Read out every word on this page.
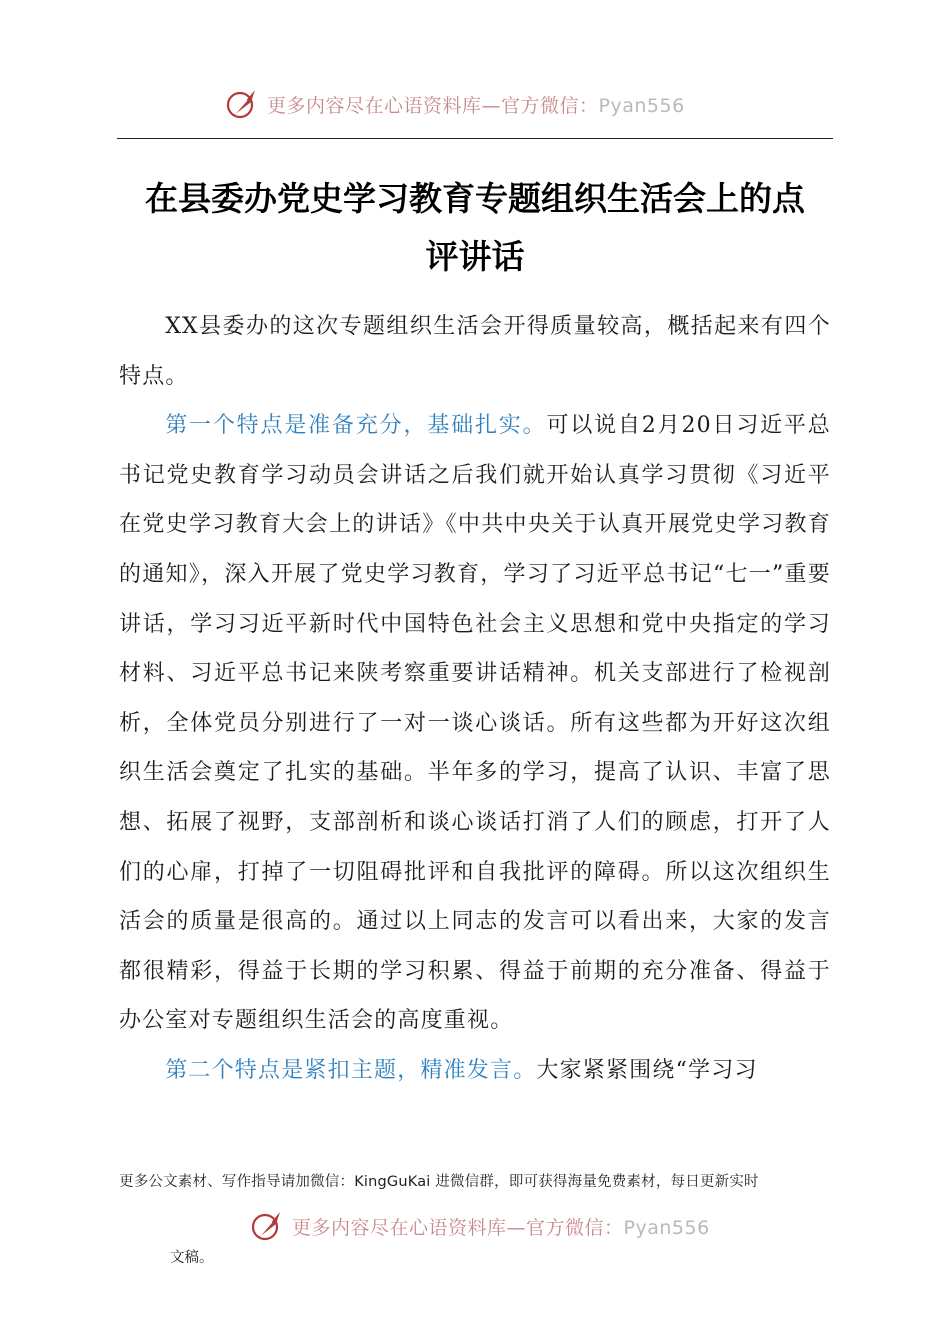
更多内容尽在心语资料库—官方微信：Pyan556
在县委办党史学习教育专题组织生活会上的点
评讲话

XX县委办的这次专题组织生活会开得质量较高，概括起来有四个特点。

第一个特点是准备充分，基础扎实。可以说自2月20日习近平总书记党史教育学习动员会讲话之后我们就开始认真学习贯彻《习近平在党史学习教育大会上的讲话》《中共中央关于认真开展党史学习教育的通知》，深入开展了党史学习教育，学习了习近平总书记“七一”重要讲话，学习习近平新时代中国特色社会主义思想和党中央指定的学习材料、习近平总书记来陕考察重要讲话精神。机关支部进行了检视剖析，全体党员分别进行了一对一谈心谈话。所有这些都为开好这次组织生活会奠定了扎实的基础。半年多的学习，提高了认识、丰富了思想、拓展了视野，支部剖析和谈心谈话打消了人们的顾虑，打开了人们的心扉，打掉了一切阻碍批评和自我批评的障碍。所以这次组织生活会的质量是很高的。通过以上同志的发言可以看出来，大家的发言都很精彩，得益于长期的学习积累、得益于前期的充分准备、得益于办公室对专题组织生活会的高度重视。

第二个特点是紧扣主题，精准发言。大家紧紧围绕“学习习

更多公文素材、写作指导请加微信：KingGuKai 进微信群，即可获得海量免费素材，每日更新实时
更多内容尽在心语资料库—官方微信：Pyan556
文稿。
